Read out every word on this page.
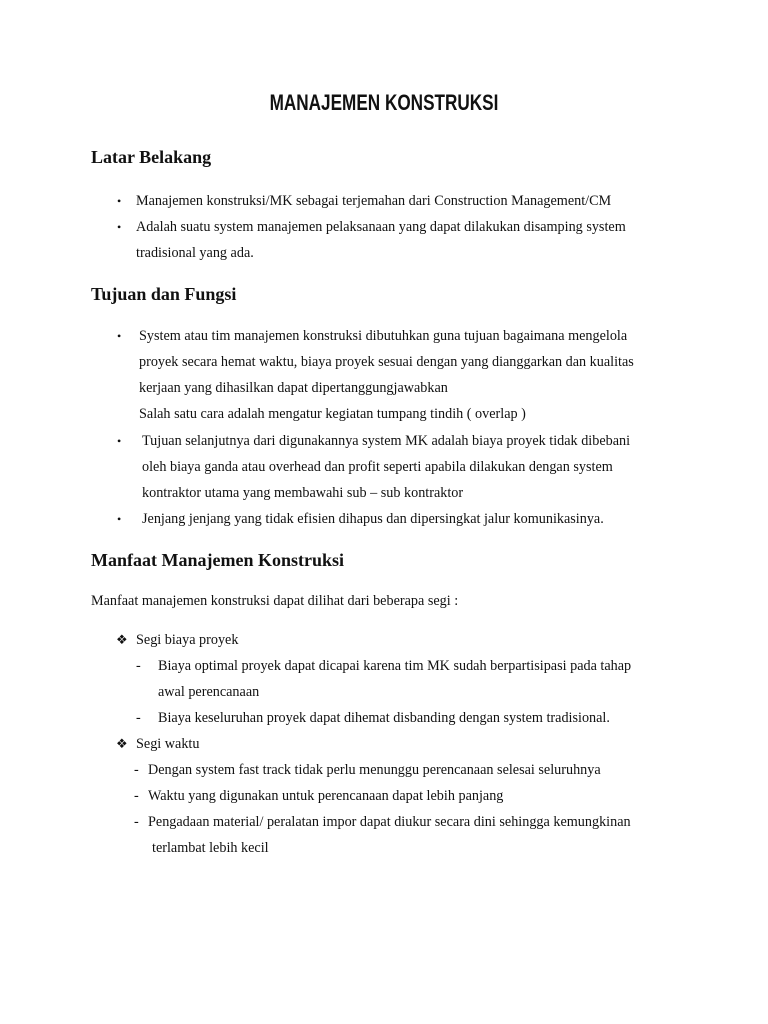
MANAJEMEN KONSTRUKSI
Latar Belakang
• Manajemen konstruksi/MK sebagai terjemahan dari Construction Management/CM
• Adalah suatu system manajemen pelaksanaan yang dapat dilakukan disamping system
tradisional yang ada.
Tujuan dan Fungsi
• System atau tim manajemen konstruksi dibutuhkan guna tujuan bagaimana mengelola
proyek secara hemat waktu, biaya proyek sesuai dengan yang dianggarkan dan kualitas
kerjaan yang dihasilkan dapat dipertanggungjawabkan
Salah satu cara adalah mengatur kegiatan tumpang tindih ( overlap )
• Tujuan selanjutnya dari digunakannya system MK adalah biaya proyek tidak dibebani
oleh biaya ganda atau overhead dan profit seperti apabila dilakukan dengan system
kontraktor utama yang membawahi sub – sub kontraktor
• Jenjang jenjang yang tidak efisien dihapus dan dipersingkat jalur komunikasinya.
Manfaat Manajemen Konstruksi
Manfaat manajemen konstruksi dapat dilihat dari beberapa segi :
❖ Segi biaya proyek
- Biaya optimal proyek dapat dicapai karena tim MK sudah berpartisipasi pada tahap
awal perencanaan
- Biaya keseluruhan proyek dapat dihemat disbanding dengan system tradisional.
❖ Segi waktu
- Dengan system fast track tidak perlu menunggu perencanaan selesai seluruhnya
- Waktu yang digunakan untuk perencanaan dapat lebih panjang
- Pengadaan material/ peralatan impor dapat diukur secara dini sehingga kemungkinan
terlambat lebih kecil
